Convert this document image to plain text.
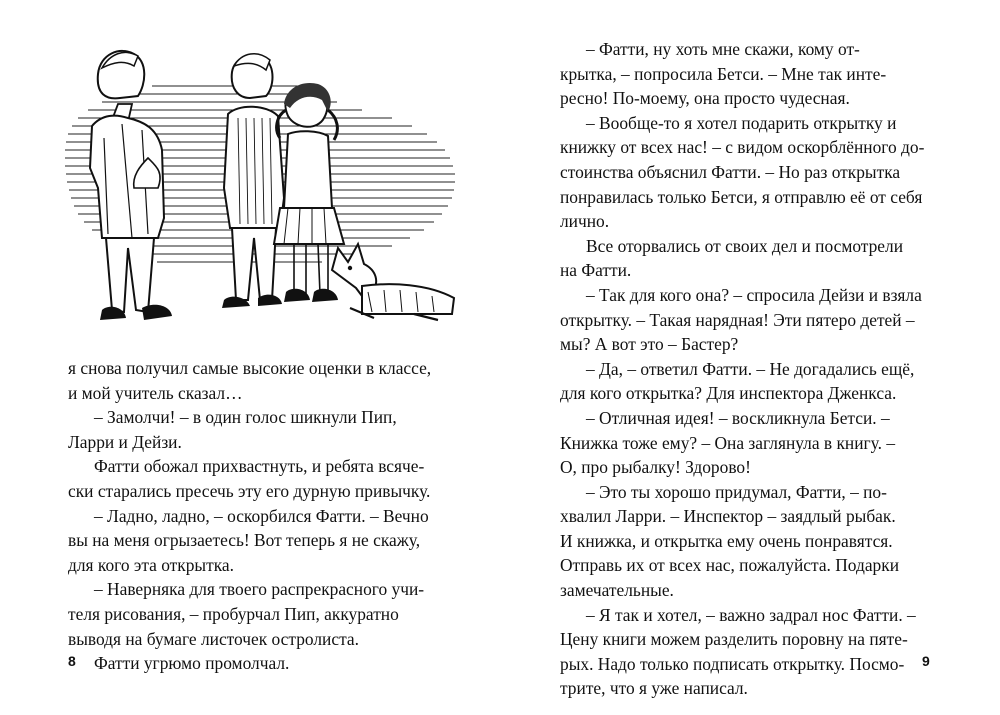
я снова получил самые высокие оценки в классе,
и мой учитель сказал…

– Замолчи! – в один голос шикнули Пип,
Ларри и Дейзи.

Фатти обожал прихвастнуть, и ребята всяче-
ски старались пресечь эту его дурную привычку.

– Ладно, ладно, – оскорбился Фатти. – Вечно
вы на меня огрызаетесь! Вот теперь я не скажу,
для кого эта открытка.

– Наверняка для твоего распрекрасного учи-
теля рисования, – пробурчал Пип, аккуратно
выводя на бумаге листочек остролиста.

Фатти угрюмо промолчал.

8

– Фатти, ну хоть мне скажи, кому от-
крытка, – попросила Бетси. – Мне так инте-
ресно! По-моему, она просто чудесная.

– Вообще-то я хотел подарить открытку и
книжку от всех нас! – с видом оскорблённого до-
стоинства объяснил Фатти. – Но раз открытка
понравилась только Бетси, я отправлю её от себя
лично.

Все оторвались от своих дел и посмотрели
на Фатти.

– Так для кого она? – спросила Дейзи и взяла
открытку. – Такая нарядная! Эти пятеро детей –
мы? А вот это – Бастер?

– Да, – ответил Фатти. – Не догадались ещё,
для кого открытка? Для инспектора Дженкса.

– Отличная идея! – воскликнула Бетси. –
Книжка тоже ему? – Она заглянула в книгу. –
О, про рыбалку! Здорово!

– Это ты хорошо придумал, Фатти, – по-
хвалил Ларри. – Инспектор – заядлый рыбак.
И книжка, и открытка ему очень понравятся.
Отправь их от всех нас, пожалуйста. Подарки
замечательные.

– Я так и хотел, – важно задрал нос Фатти. –
Цену книги можем разделить поровну на пяте-
рых. Надо только подписать открытку. Посмо-
трите, что я уже написал.

9
